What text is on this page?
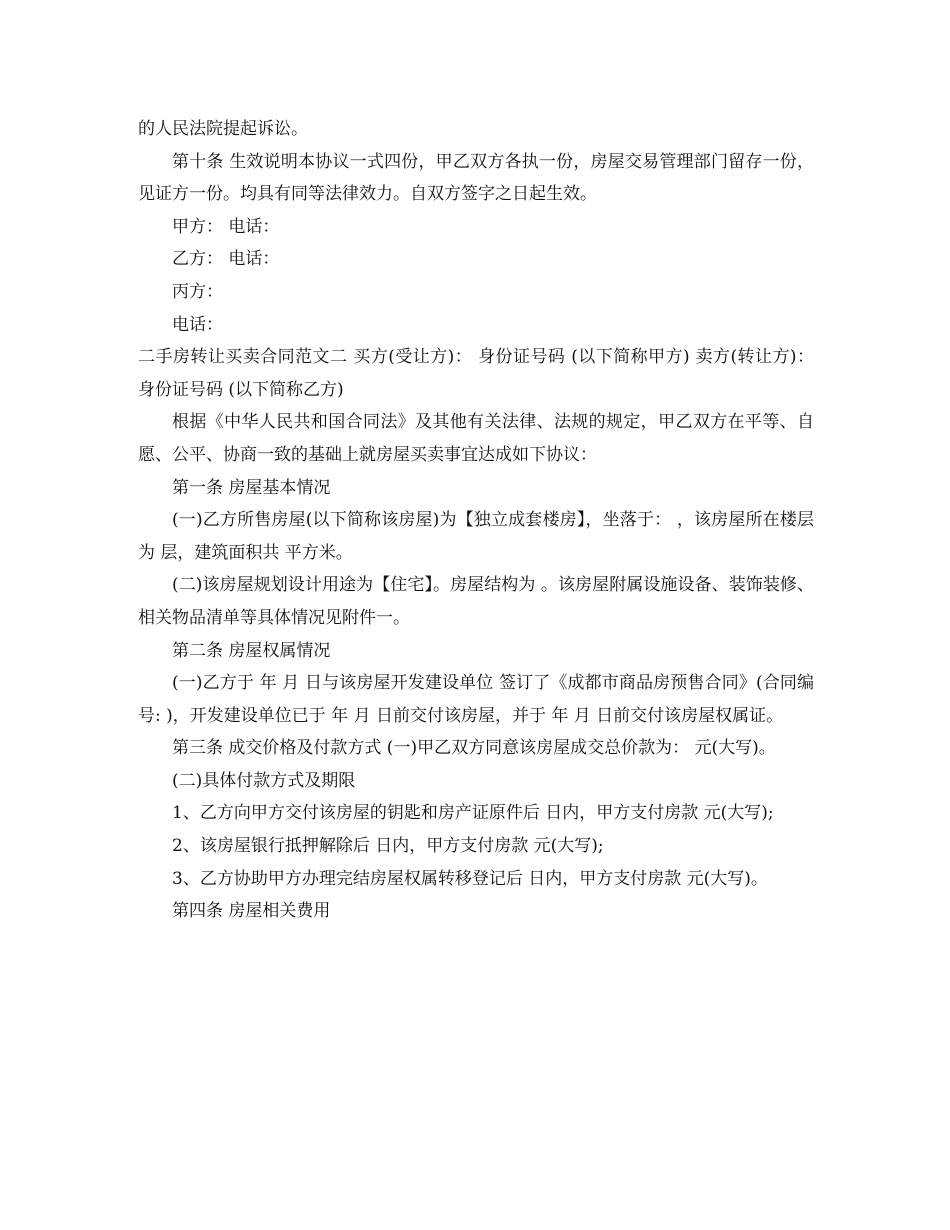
的人民法院提起诉讼。

第十条 生效说明本协议一式四份，甲乙双方各执一份，房屋交易管理部门留存一份，见证方一份。均具有同等法律效力。自双方签字之日起生效。

甲方： 电话：

乙方： 电话：

丙方：

电话：

二手房转让买卖合同范文二 买方(受让方)： 身份证号码 (以下简称甲方) 卖方(转让方)： 身份证号码 (以下简称乙方)

根据《中华人民共和国合同法》及其他有关法律、法规的规定，甲乙双方在平等、自愿、公平、协商一致的基础上就房屋买卖事宜达成如下协议：

第一条 房屋基本情况

(一)乙方所售房屋(以下简称该房屋)为【独立成套楼房】，坐落于： ，该房屋所在楼层为 层，建筑面积共 平方米。

(二)该房屋规划设计用途为【住宅】。房屋结构为 。该房屋附属设施设备、装饰装修、相关物品清单等具体情况见附件一。

第二条 房屋权属情况

(一)乙方于 年 月 日与该房屋开发建设单位 签订了《成都市商品房预售合同》(合同编号: )，开发建设单位已于 年 月 日前交付该房屋，并于 年 月 日前交付该房屋权属证。

第三条 成交价格及付款方式 (一)甲乙双方同意该房屋成交总价款为： 元(大写)。

(二)具体付款方式及期限

1、乙方向甲方交付该房屋的钥匙和房产证原件后 日内，甲方支付房款 元(大写);

2、该房屋银行抵押解除后 日内，甲方支付房款 元(大写);

3、乙方协助甲方办理完结房屋权属转移登记后 日内，甲方支付房款 元(大写)。

第四条 房屋相关费用
